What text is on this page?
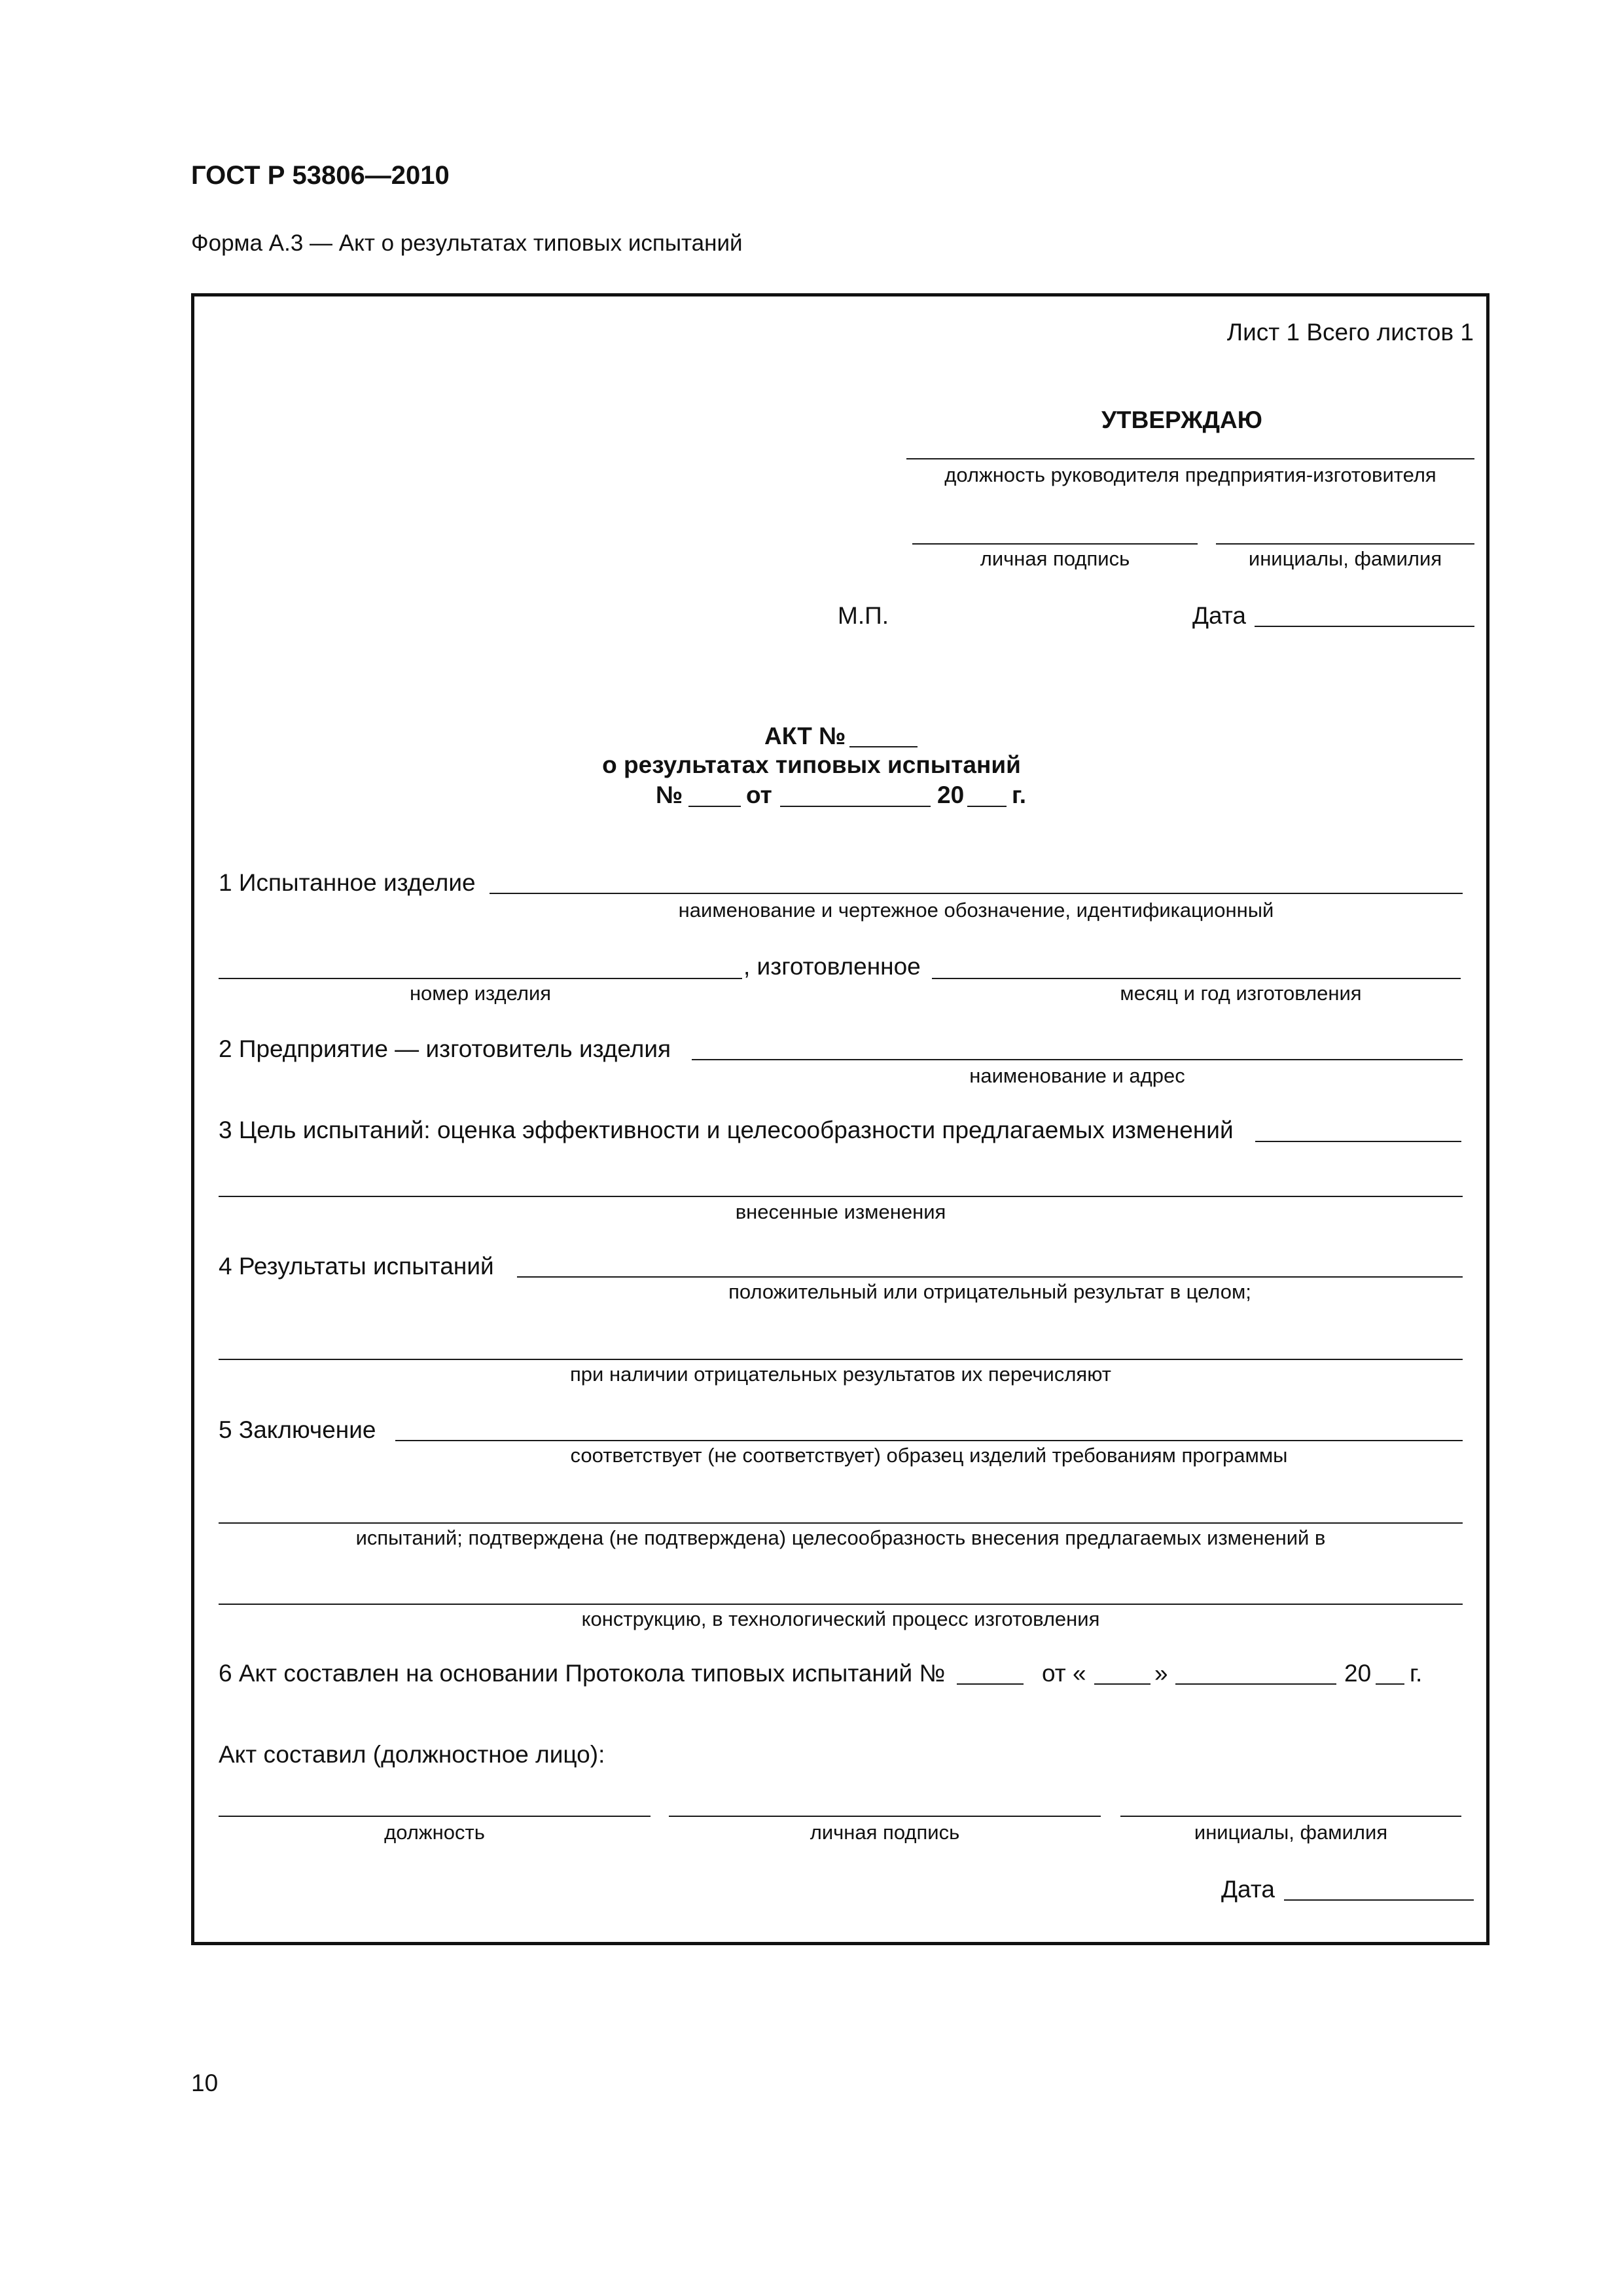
ГОСТ Р 53806—2010
Форма А.3 — Акт о результатах типовых испытаний
Лист 1 Всего листов 1
УТВЕРЖДАЮ
должность руководителя предприятия-изготовителя
личная подпись	инициалы, фамилия
М.П.	Дата
АКТ №
о результатах типовых испытаний
№	от	20 г.
1 Испытанное изделие
наименование и чертежное обозначение, идентификационный
, изготовленное
номер изделия	месяц и год изготовления
2 Предприятие — изготовитель изделия
наименование и адрес
3 Цель испытаний: оценка эффективности и целесообразности предлагаемых изменений
внесенные изменения
4 Результаты испытаний
положительный или отрицательный результат в целом;
при наличии отрицательных результатов их перечисляют
5 Заключение
соответствует (не соответствует) образец изделий требованиям программы
испытаний; подтверждена (не подтверждена) целесообразность внесения предлагаемых изменений в
конструкцию, в технологический процесс изготовления
6 Акт составлен на основании Протокола типовых испытаний №	от «	»	20 г.
Акт составил (должностное лицо):
должность	личная подпись	инициалы, фамилия
Дата
10
